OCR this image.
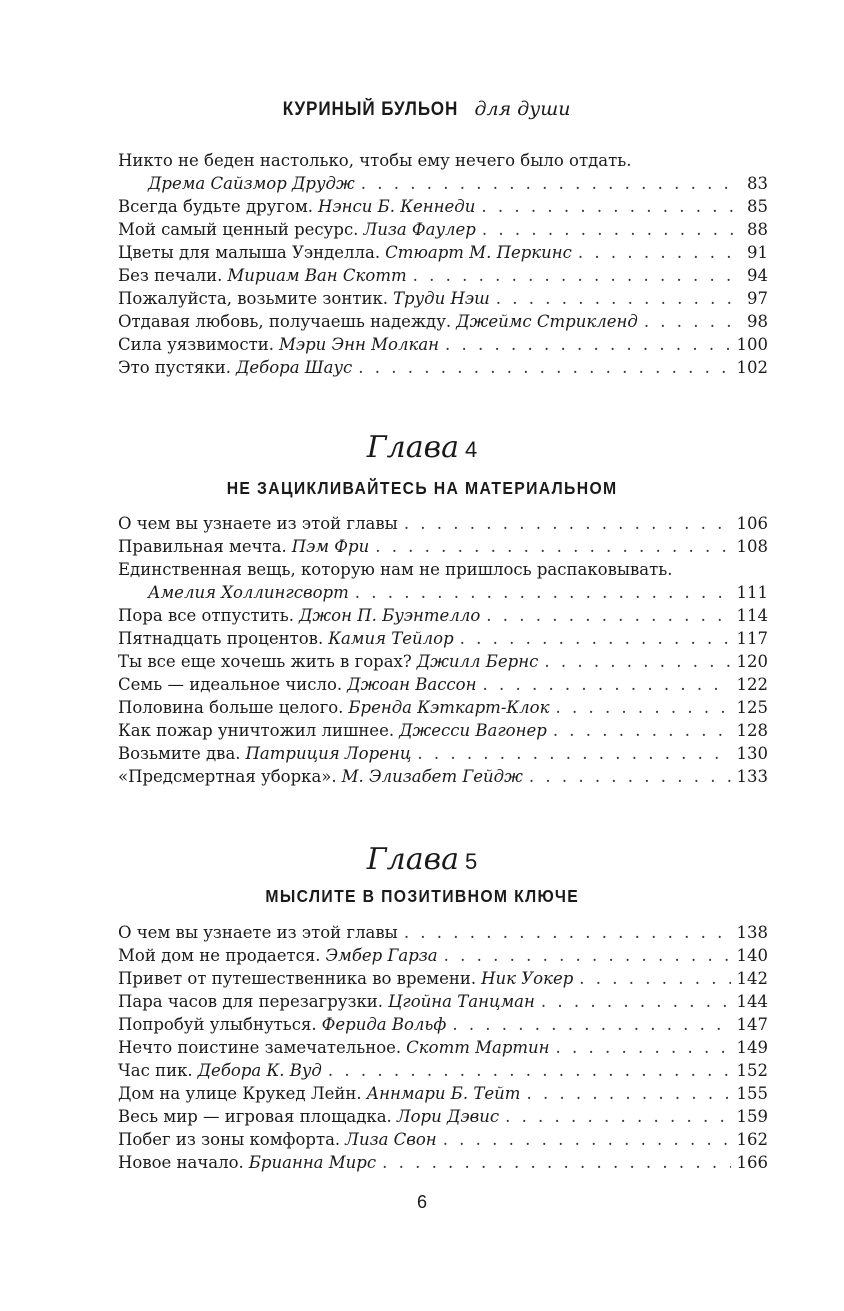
КУРИНЫЙ БУЛЬОН для души
Никто не беден настолько, чтобы ему нечего было отдать.
Дрема Сайзмор Друдж . . .	83
Всегда будьте другом. Нэнси Б. Кеннеди . . .	85
Мой самый ценный ресурс. Лиза Фаулер . . .	88
Цветы для малыша Уэнделла. Стюарт М. Перкинс . . .	91
Без печали. Мириам Ван Скотт . . .	94
Пожалуйста, возьмите зонтик. Труди Нэш . . .	97
Отдавая любовь, получаешь надежду. Джеймс Стрикленд . . .	98
Сила уязвимости. Мэри Энн Молкан . . .	100
Это пустяки. Дебора Шаус . . .	102
Глава 4
НЕ ЗАЦИКЛИВАЙТЕСЬ НА МАТЕРИАЛЬНОМ
О чем вы узнаете из этой главы . . .	106
Правильная мечта. Пэм Фри . . .	108
Единственная вещь, которую нам не пришлось распаковывать.
Амелия Холлингсворт . . .	111
Пора все отпустить. Джон П. Буэнтелло . . .	114
Пятнадцать процентов. Камия Тейлор . . .	117
Ты все еще хочешь жить в горах? Джилл Бернс . . .	120
Семь — идеальное число. Джоан Вассон . . .	122
Половина больше целого. Бренда Кэткарт-Клок . . .	125
Как пожар уничтожил лишнее. Джесси Вагонер . . .	128
Возьмите два. Патриция Лоренц . . .	130
«Предсмертная уборка». М. Элизабет Гейдж . . .	133
Глава 5
МЫСЛИТЕ В ПОЗИТИВНОМ КЛЮЧЕ
О чем вы узнаете из этой главы . . .	138
Мой дом не продается. Эмбер Гарза . . .	140
Привет от путешественника во времени. Ник Уокер . . .	142
Пара часов для перезагрузки. Цгойна Танцман . . .	144
Попробуй улыбнуться. Ферида Вольф . . .	147
Нечто поистине замечательное. Скотт Мартин . . .	149
Час пик. Дебора К. Вуд . . .	152
Дом на улице Крукед Лейн. Аннмари Б. Тейт . . .	155
Весь мир — игровая площадка. Лори Дэвис . . .	159
Побег из зоны комфорта. Лиза Свон . . .	162
Новое начало. Брианна Мирс . . .	166
6
